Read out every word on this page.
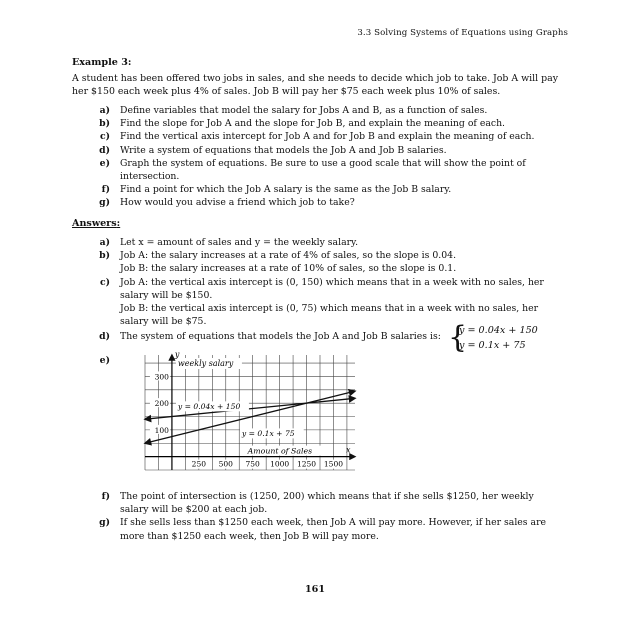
3.3 Solving Systems of Equations using Graphs
Example 3:
A student has been offered two jobs in sales, and she needs to decide which job to take. Job A will pay her $150 each week plus 4% of sales. Job B will pay her $75 each week plus 10% of sales.
a)	Define variables that model the salary for Jobs A and B, as a function of sales.
b)	Find the slope for Job A and the slope for Job B, and explain the meaning of each.
c)	Find the vertical axis intercept for Job A and for Job B and explain the meaning of each.
d)	Write a system of equations that models the Job A and Job B salaries.
e)	Graph the system of equations. Be sure to use a good scale that will show the point of intersection.
f)	Find a point for which the Job A salary is the same as the Job B salary.
g)	How would you advise a friend which job to take?
Answers:
a)	Let x = amount of sales and y = the weekly salary.
b)	Job A: the salary increases at a rate of 4% of sales, so the slope is 0.04.
Job B: the salary increases at a rate of 10% of sales, so the slope is 0.1.
c)	Job A: the vertical axis intercept is (0, 150) which means that in a week with no sales, her salary will be $150.
Job B: the vertical axis intercept is (0, 75) which means that in a week with no sales, her salary will be $75.
d)	The system of equations that models the Job A and Job B salaries is: {
y = 0.04x + 150
y = 0.1x + 75
e)
100
200
300
250 500 750 1000 1250 1500
y = 0.04x + 150
y = 0.1x + 75
weekly salary
y
Amount of Sales	x
f)	The point of intersection is (1250, 200) which means that if she sells $1250, her weekly salary will be $200 at each job.
g)	If she sells less than $1250 each week, then Job A will pay more. However, if her sales are more than $1250 each week, then Job B will pay more.
161
